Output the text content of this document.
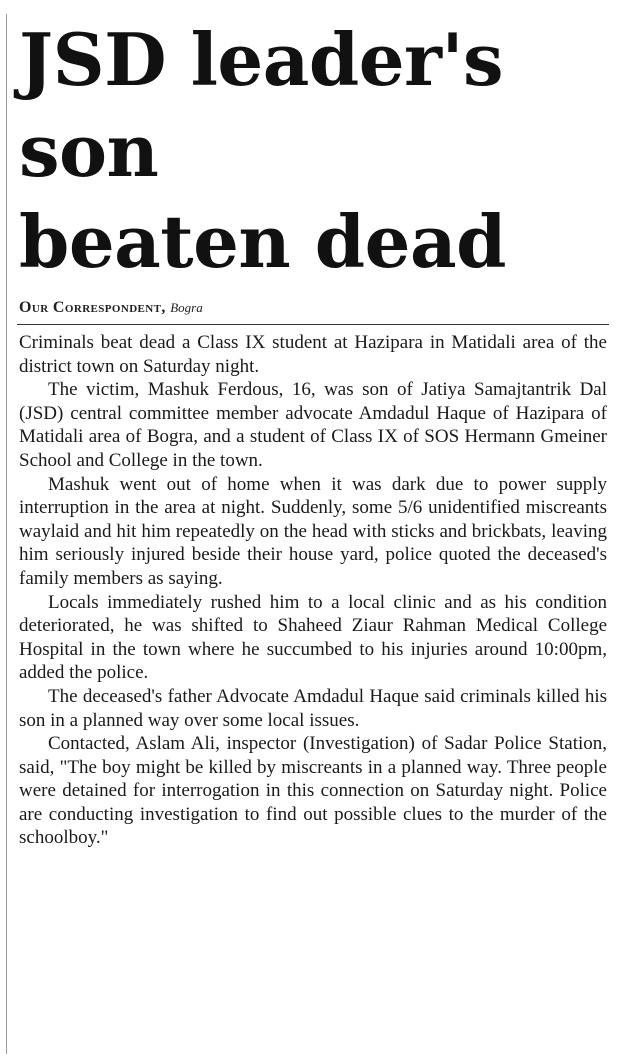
JSD leader's son
beaten dead
Our Correspondent, Bogra

Criminals beat dead a Class IX student at Hazipara in Matidali area of the district town on Saturday night.

The victim, Mashuk Ferdous, 16, was son of Jatiya Samajtantrik Dal (JSD) central committee member advocate Amdadul Haque of Hazipara of Matidali area of Bogra, and a student of Class IX of SOS Hermann Gmeiner School and College in the town.

Mashuk went out of home when it was dark due to power supply interruption in the area at night. Suddenly, some 5/6 unidentified miscreants waylaid and hit him repeatedly on the head with sticks and brickbats, leaving him seriously injured beside their house yard, police quoted the deceased's family members as saying.

Locals immediately rushed him to a local clinic and as his condition deteriorated, he was shifted to Shaheed Ziaur Rahman Medical College Hospital in the town where he succumbed to his injuries around 10:00pm, added the police.

The deceased's father Advocate Amdadul Haque said criminals killed his son in a planned way over some local issues.

Contacted, Aslam Ali, inspector (Investigation) of Sadar Police Station, said, "The boy might be killed by miscreants in a planned way. Three people were detained for interrogation in this connection on Saturday night. Police are conducting investigation to find out possible clues to the murder of the schoolboy."
